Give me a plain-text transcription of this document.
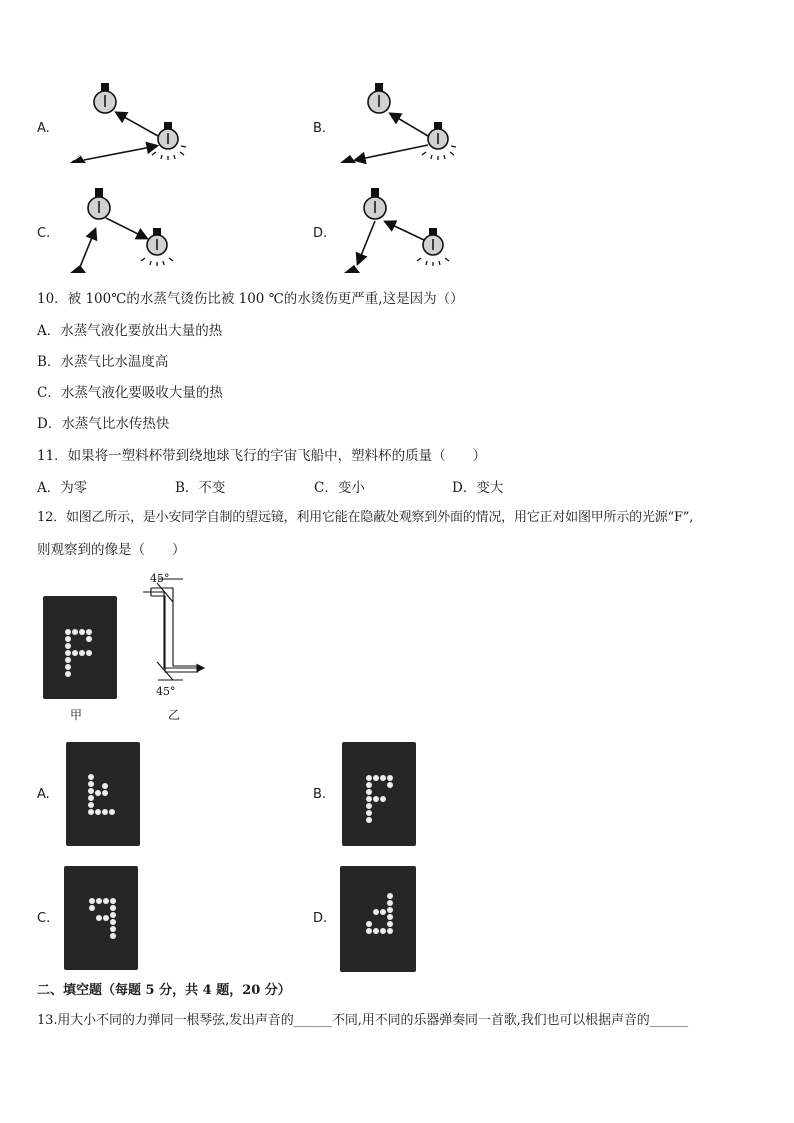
A.	B.
C.	D.
10．被 100℃的水蒸气烫伤比被 100 ℃的水烫伤更严重,这是因为（）
A．水蒸气液化要放出大量的热
B．水蒸气比水温度高
C．水蒸气液化要吸收大量的热
D．水蒸气比水传热快
11．如果将一塑料杯带到绕地球飞行的宇宙飞船中，塑料杯的质量（　　）
A．为零	B．不变	C．变小	D．变大
12．如图乙所示，是小安同学自制的望远镜，利用它能在隐蔽处观察到外面的情况，用它正对如图甲所示的光源“F”,
则观察到的像是（　　）
甲
45°
45°
乙
A.	B.
C.	D.
二、填空题（每题 5 分，共 4 题，20 分）
13.用大小不同的力弹同一根琴弦,发出声音的______不同,用不同的乐器弹奏同一首歌,我们也可以根据声音的______
